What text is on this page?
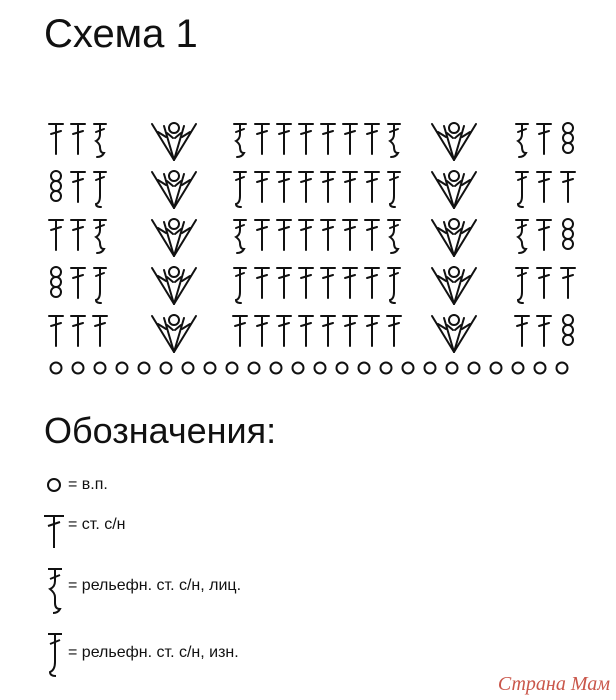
Схема 1
Обозначения:
= в.п.
= ст. с/н
= рельефн. ст. с/н, лиц.
= рельефн. ст. с/н, изн.
Страна Мам
